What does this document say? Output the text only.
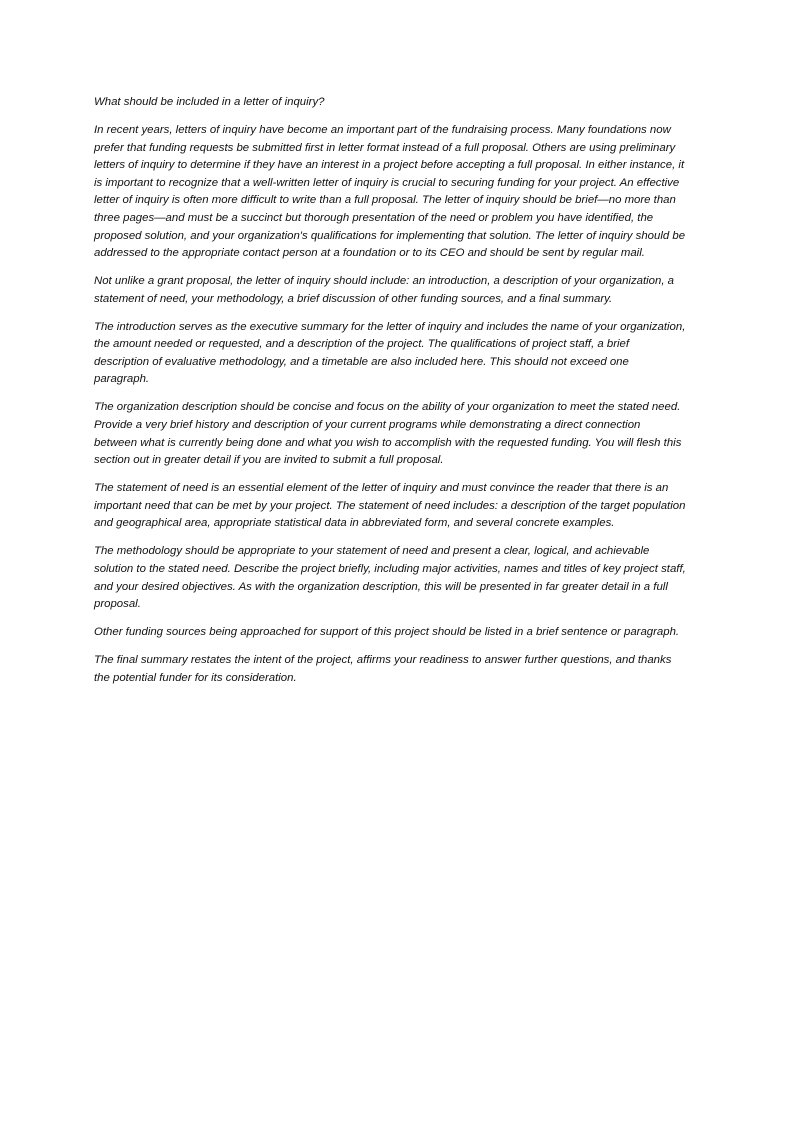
What should be included in a letter of inquiry?

In recent years, letters of inquiry have become an important part of the fundraising process. Many foundations now prefer that funding requests be submitted first in letter format instead of a full proposal. Others are using preliminary letters of inquiry to determine if they have an interest in a project before accepting a full proposal. In either instance, it is important to recognize that a well-written letter of inquiry is crucial to securing funding for your project. An effective letter of inquiry is often more difficult to write than a full proposal. The letter of inquiry should be brief—no more than three pages—and must be a succinct but thorough presentation of the need or problem you have identified, the proposed solution, and your organization's qualifications for implementing that solution. The letter of inquiry should be addressed to the appropriate contact person at a foundation or to its CEO and should be sent by regular mail.

Not unlike a grant proposal, the letter of inquiry should include: an introduction, a description of your organization, a statement of need, your methodology, a brief discussion of other funding sources, and a final summary.

The introduction serves as the executive summary for the letter of inquiry and includes the name of your organization, the amount needed or requested, and a description of the project. The qualifications of project staff, a brief description of evaluative methodology, and a timetable are also included here. This should not exceed one paragraph.

The organization description should be concise and focus on the ability of your organization to meet the stated need. Provide a very brief history and description of your current programs while demonstrating a direct connection between what is currently being done and what you wish to accomplish with the requested funding. You will flesh this section out in greater detail if you are invited to submit a full proposal.

The statement of need is an essential element of the letter of inquiry and must convince the reader that there is an important need that can be met by your project. The statement of need includes: a description of the target population and geographical area, appropriate statistical data in abbreviated form, and several concrete examples.

The methodology should be appropriate to your statement of need and present a clear, logical, and achievable solution to the stated need. Describe the project briefly, including major activities, names and titles of key project staff, and your desired objectives. As with the organization description, this will be presented in far greater detail in a full proposal.

Other funding sources being approached for support of this project should be listed in a brief sentence or paragraph.

The final summary restates the intent of the project, affirms your readiness to answer further questions, and thanks the potential funder for its consideration.
